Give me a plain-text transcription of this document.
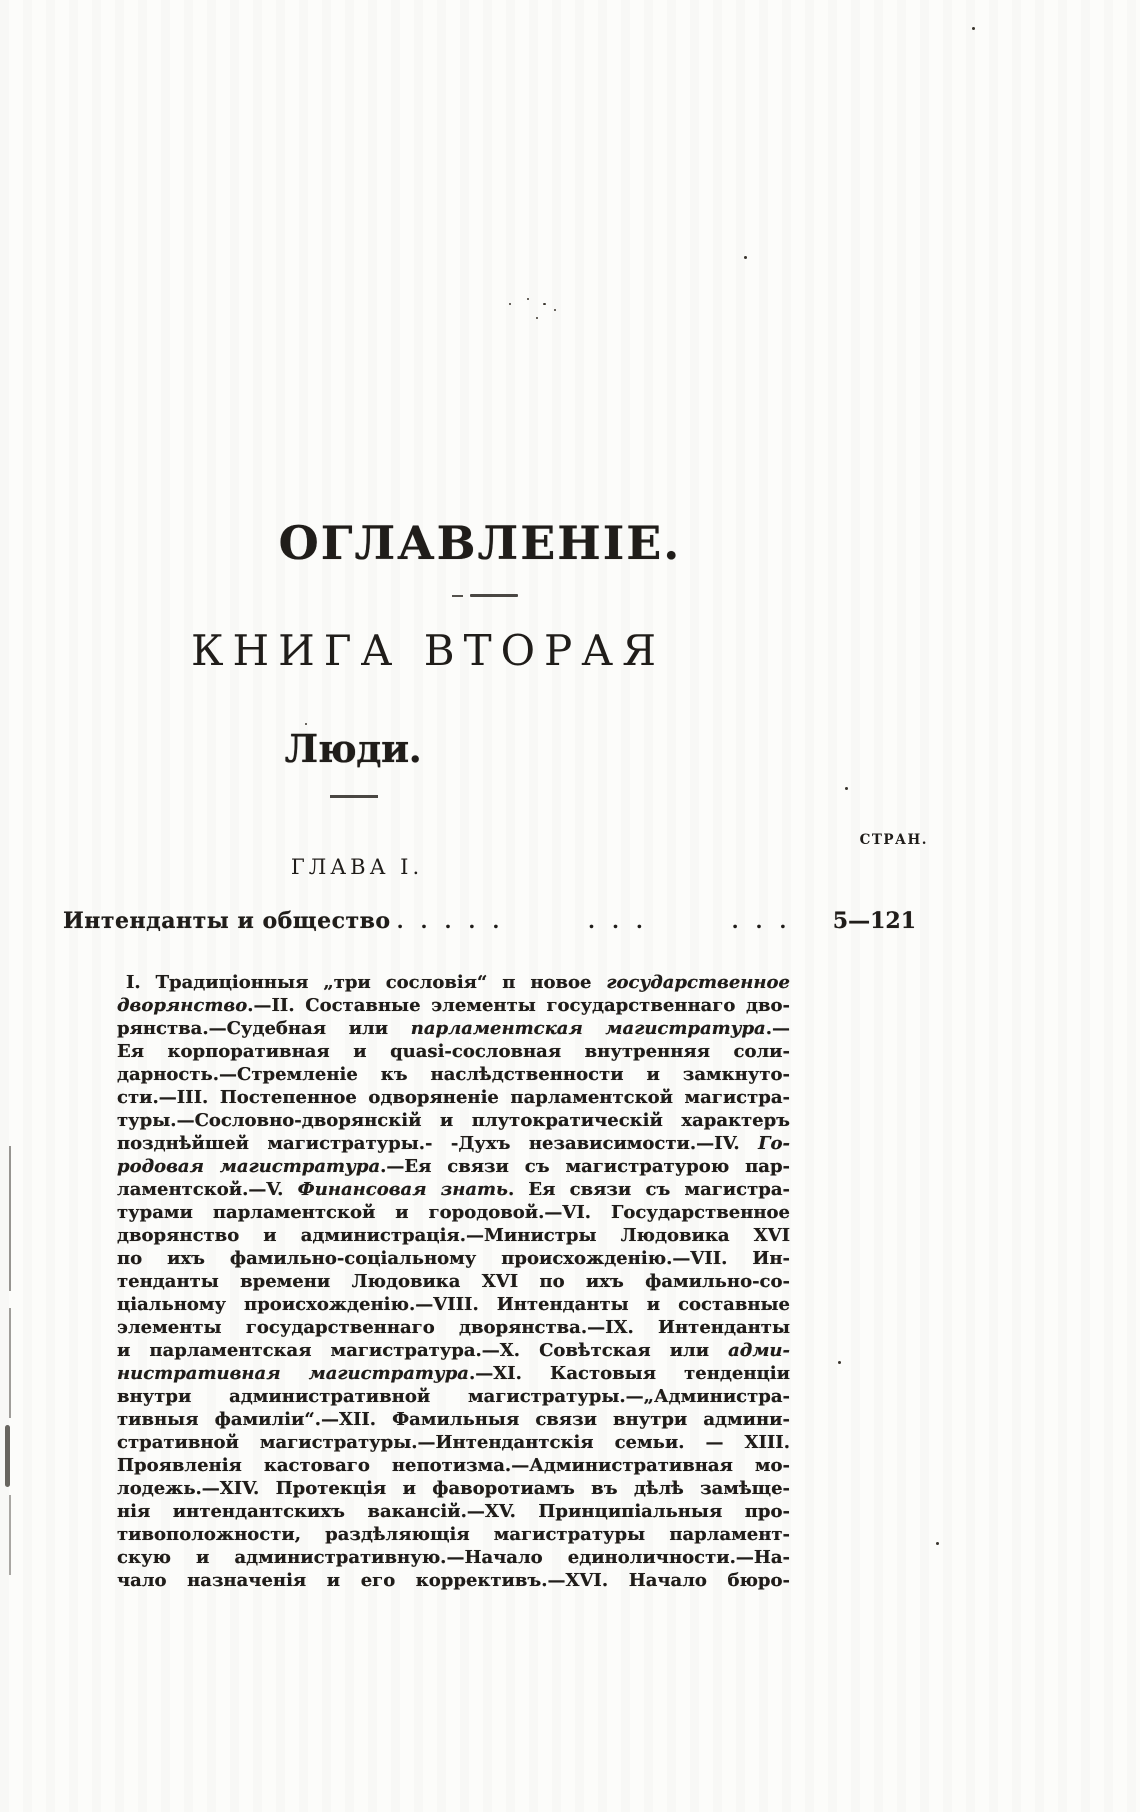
ОГЛАВЛЕНІЕ.
КНИГА ВТОРАЯ
Люди.
СТРАН.
ГЛАВА I.
Интенданты и общество . . . . .       . . .       . . .	5—121
I. Традиціонныя „три сословія“ п новое государственное
дворянство.—II. Составные элементы государственнаго дво-
рянства.—Судебная или парламентская магистратура.—
Ея корпоративная и quasi-сословная внутренняя соли-
дарность.—Стремленіе къ наслѣдственности и замкнуто-
сти.—III. Постепенное одворяненіе парламентской магистра-
туры.—Сословно-дворянскій и плутократическій характеръ
позднѣйшей магистратуры.- -Духъ независимости.—IV. Го-
родовая магистратура.—Ея связи съ магистратурою пар-
ламентской.—V. Финансовая знать. Ея связи съ магистра-
турами парламентской и городовой.—VI. Государственное
дворянство и администрація.—Министры Людовика XVI
по ихъ фамильно-соціальному происхожденію.—VII. Ин-
тенданты времени Людовика XVI по ихъ фамильно-со-
ціальному происхожденію.—VIII. Интенданты и составные
элементы государственнаго дворянства.—IX. Интенданты
и парламентская магистратура.—X. Совѣтская или адми-
нистративная магистратура.—XI. Кастовыя тенденціи
внутри административной магистратуры.—„Администра-
тивныя фамиліи“.—XII. Фамильныя связи внутри админи-
стративной магистратуры.—Интендантскія семьи. — XIII.
Проявленія кастоваго непотизма.—Административная мо-
лодежь.—XIV. Протекція и фаворотиамъ въ дѣлѣ замѣще-
нія интендантскихъ вакансій.—XV. Принципіальныя про-
тивоположности, раздѣляющія магистратуры парламент-
скую и административную.—Начало единоличности.—На-
чало назначенія и его коррективъ.—XVI. Начало бюро-
